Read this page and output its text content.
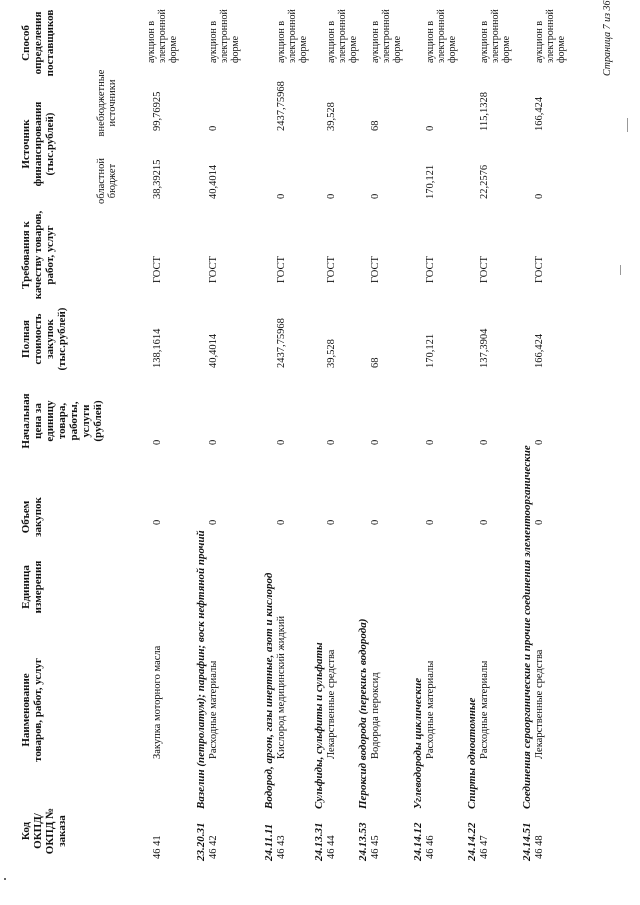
Код ОКПД/ ОКПД № заказа
Наименование товаров, работ, услуг
Единица измерения
Объем закупок
Начальная цена за единицу товара, работы, услуги (рублей)
Полная стоимость закупок (тыс.рублей)
Требования к качеству товаров, работ, услуг
Источник финансирования (тыс.рублей)
областной бюджет
внебюджетные источники
Способ определения поставщиков
46 41
Закупка моторного масла
0
0
138,1614
ГОСТ
38,39215
99,76925
аукцион в электронной форме
23.20.31
Вазелин (петролатум); парафин; воск нефтяной прочий
46 42
Расходные материалы
0
0
40,4014
ГОСТ
40,4014
0
аукцион в электронной форме
24.11.11
Водород, аргон, газы инертные, азот и кислород
46 43
Кислород медицинский жидкий
0
0
2437,75968
ГОСТ
0
2437,75968
аукцион в электронной форме
24.13.31
Сульфиды, сульфиты и сульфаты
46 44
Лекарственные средства
0
0
39,528
ГОСТ
0
39,528
аукцион в электронной форме
24.13.53
Пероксид водорода (перекись водорода)
46 45
Водорода пероксид
0
0
68
ГОСТ
0
68
аукцион в электронной форме
24.14.12
Углеводороды циклические
46 46
Расходные материалы
0
0
170,121
ГОСТ
170,121
0
аукцион в электронной форме
24.14.22
Спирты одноатомные
46 47
Расходные материалы
0
0
137,3904
ГОСТ
22,2576
115,1328
аукцион в электронной форме
24.14.51
Соединения сераорганические и прочие соединения элементоорганические
46 48
Лекарственные средства
0
0
166,424
ГОСТ
0
166,424
аукцион в электронной форме	Страница 7 из 36
